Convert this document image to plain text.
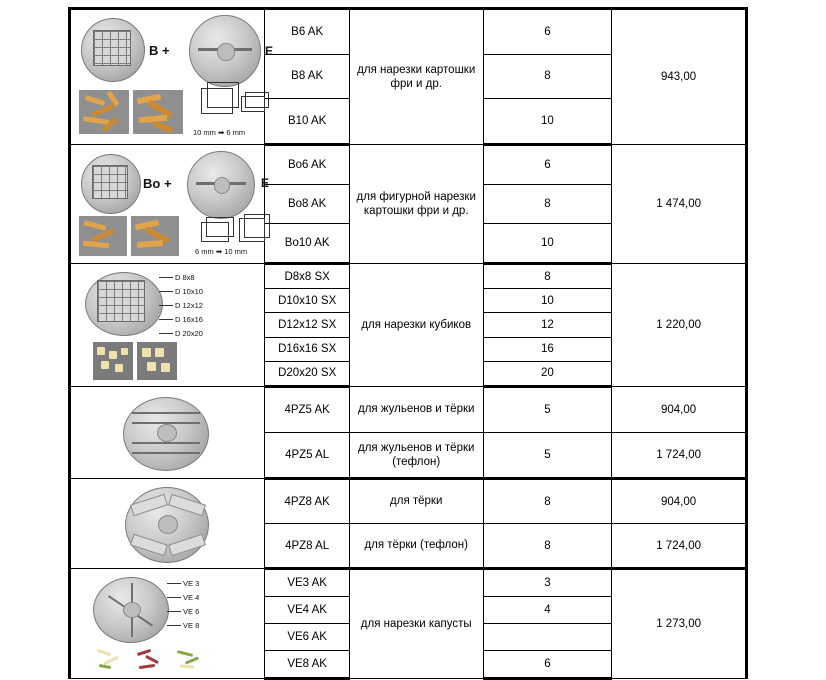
B + E
10 mm ➡ 6 mm	B6 AK	для нарезки картошки фри и др.	6	943,00
	B8 AK		8	
	B10 AK		10	

Bo + E
6 mm ➡ 10 mm	Bo6 AK	для фигурной нарезки картошки фри и др.	6	1 474,00
	Bo8 AK		8	
	Bo10 AK		10	

D 8x8
D 10x10
D 12x12
D 16x16
D 20x20	D8x8 SX	для нарезки кубиков	8	1 220,00
	D10x10 SX		10	
	D12x12 SX		12	
	D16x16 SX		16	
	D20x20 SX		20	

	4PZ5 AK	для жульенов и тёрки	5	904,00
	4PZ5 AL	для жульенов и тёрки (тефлон)	5	1 724,00

	4PZ8 AK	для тёрки	8	904,00
	4PZ8 AL	для тёрки (тефлон)	8	1 724,00

VE 3
VE 4
VE 6
VE 8	VE3 AK	для нарезки капусты	3	1 273,00
	VE4 AK		4	
	VE6 AK			
	VE8 AK		6	
